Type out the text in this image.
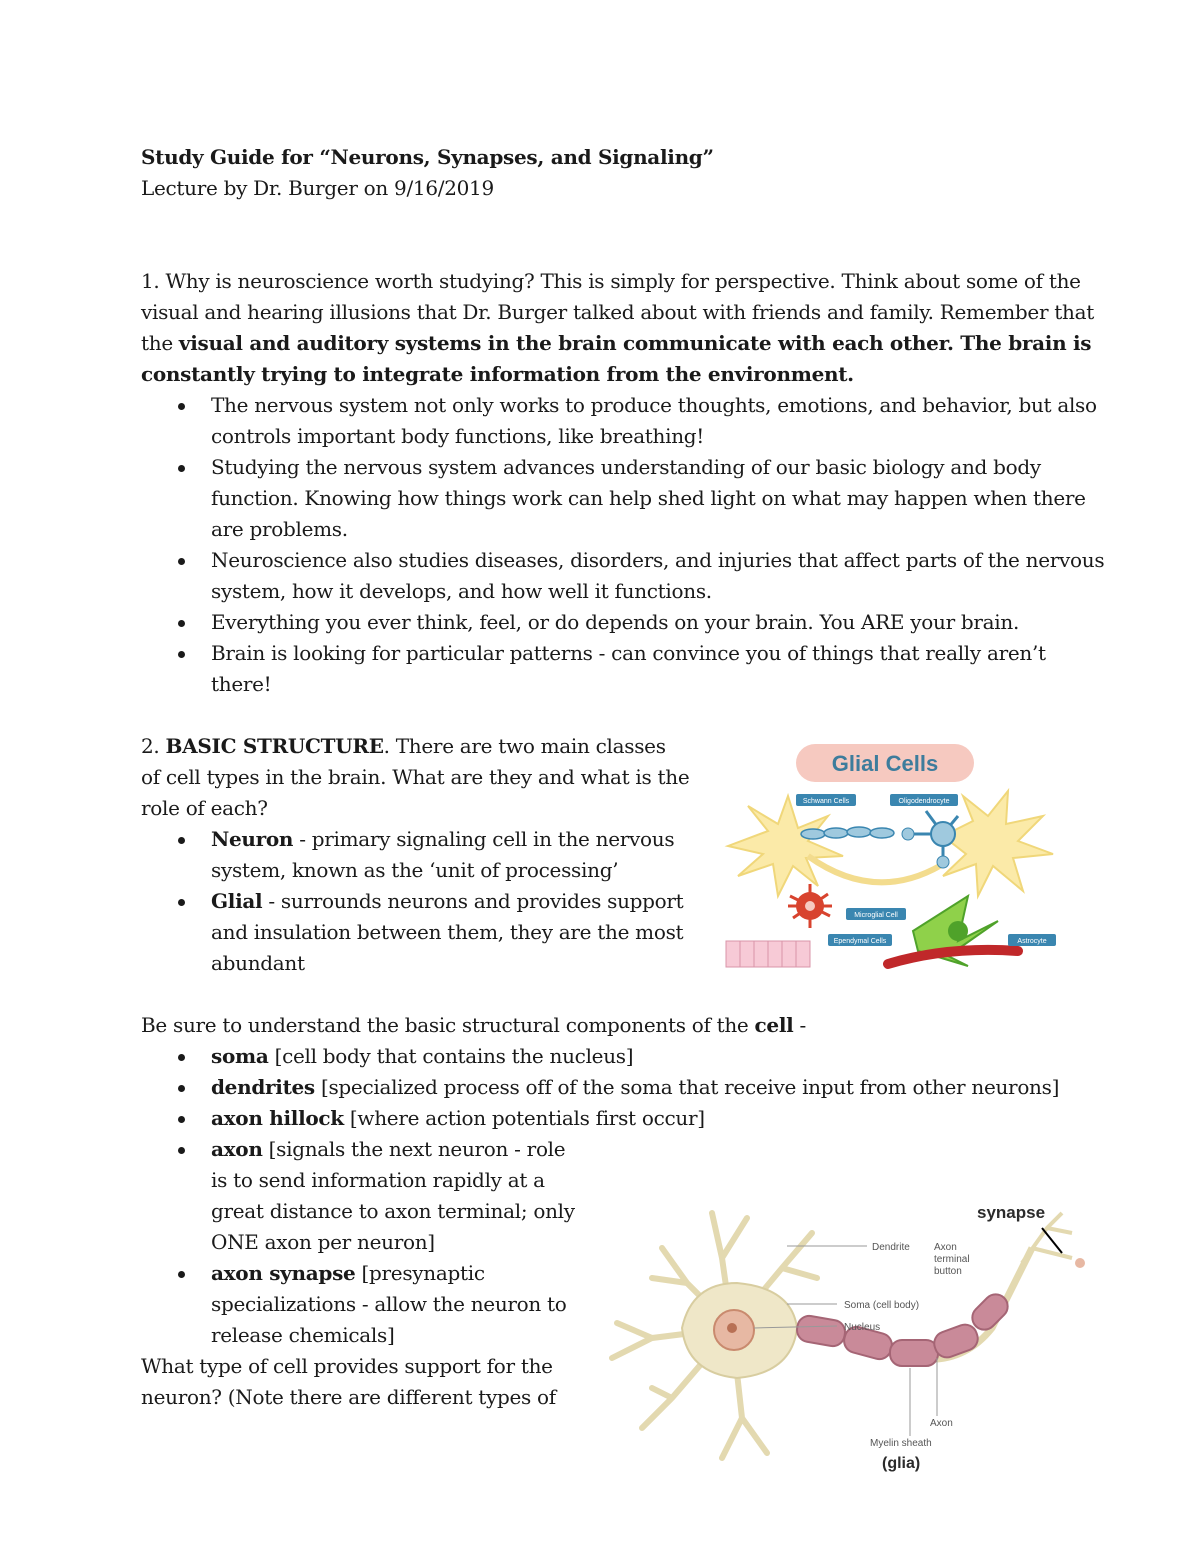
Study Guide for “Neurons, Synapses, and Signaling”
Lecture by Dr. Burger on 9/16/2019
1. Why is neuroscience worth studying? This is simply for perspective. Think about some of the
visual and hearing illusions that Dr. Burger talked about with friends and family. Remember that
the visual and auditory systems in the brain communicate with each other. The brain is
constantly trying to integrate information from the environment.
The nervous system not only works to produce thoughts, emotions, and behavior, but also
controls important body functions, like breathing!
Studying the nervous system advances understanding of our basic biology and body
function. Knowing how things work can help shed light on what may happen when there
are problems.
Neuroscience also studies diseases, disorders, and injuries that affect parts of the nervous
system, how it develops, and how well it functions.
Everything you ever think, feel, or do depends on your brain. You ARE your brain.
Brain is looking for particular patterns - can convince you of things that really aren’t
there!
2. BASIC STRUCTURE. There are two main classes
of cell types in the brain. What are they and what is the
role of each?
Neuron - primary signaling cell in the nervous
system, known as the ‘unit of processing’
Glial - surrounds neurons and provides support
and insulation between them, they are the most
abundant
Glial Cells
Schwann Cells	Oligodendrocyte
Microglial Cell
Ependymal Cells	Astrocyte
Be sure to understand the basic structural components of the cell -
soma [cell body that contains the nucleus]
dendrites [specialized process off of the soma that receive input from other neurons]
axon hillock [where action potentials first occur]
axon [signals the next neuron - role
is to send information rapidly at a
great distance to axon terminal; only
ONE axon per neuron]
axon synapse [presynaptic
specializations - allow the neuron to
release chemicals]
What type of cell provides support for the
neuron? (Note there are different types of
synapse
Dendrite Axon
terminal
button
Soma (cell body)
Nucleus
Axon
Myelin sheath
(glia)
